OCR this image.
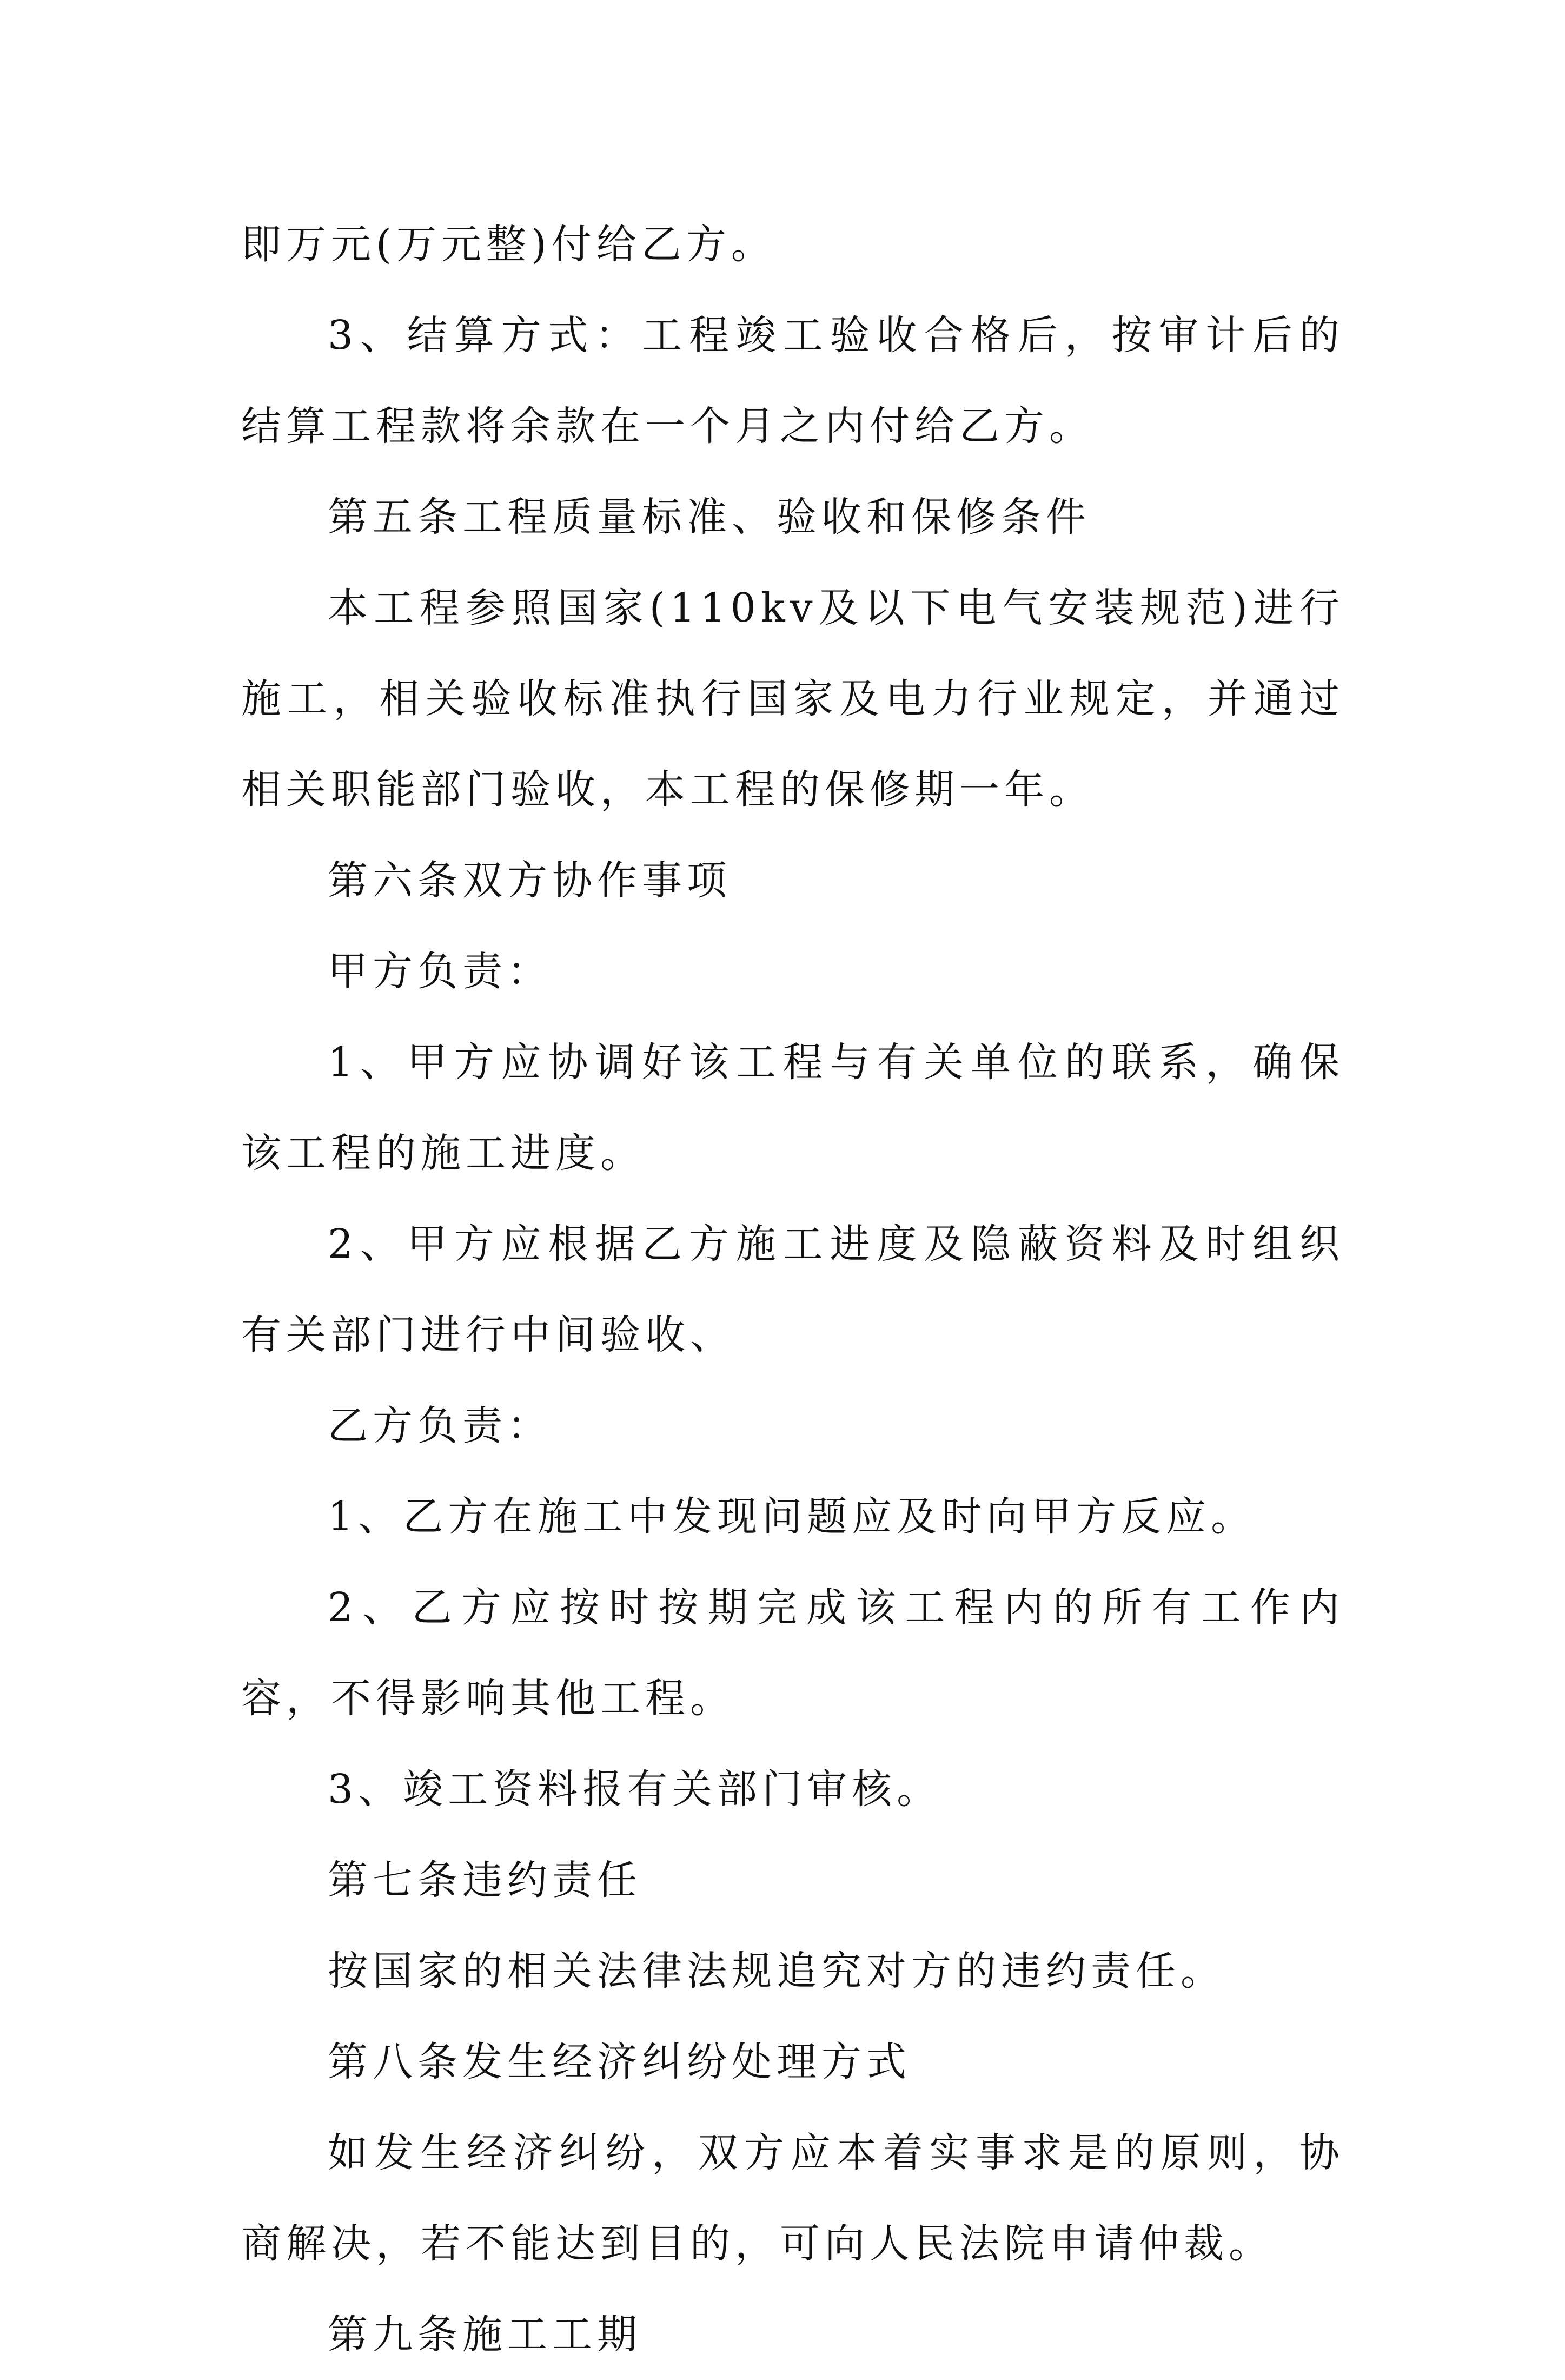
即万元(万元整)付给乙方。

3、结算方式：工程竣工验收合格后，按审计后的结算工程款将余款在一个月之内付给乙方。

第五条工程质量标准、验收和保修条件

本工程参照国家(110kv及以下电气安装规范)进行施工，相关验收标准执行国家及电力行业规定，并通过相关职能部门验收，本工程的保修期一年。

第六条双方协作事项

甲方负责：

1、甲方应协调好该工程与有关单位的联系，确保该工程的施工进度。

2、甲方应根据乙方施工进度及隐蔽资料及时组织有关部门进行中间验收、

乙方负责：

1、乙方在施工中发现问题应及时向甲方反应。

2、乙方应按时按期完成该工程内的所有工作内容，不得影响其他工程。

3、竣工资料报有关部门审核。

第七条违约责任

按国家的相关法律法规追究对方的违约责任。

第八条发生经济纠纷处理方式

如发生经济纠纷，双方应本着实事求是的原则，协商解决，若不能达到目的，可向人民法院申请仲裁。

第九条施工工期
